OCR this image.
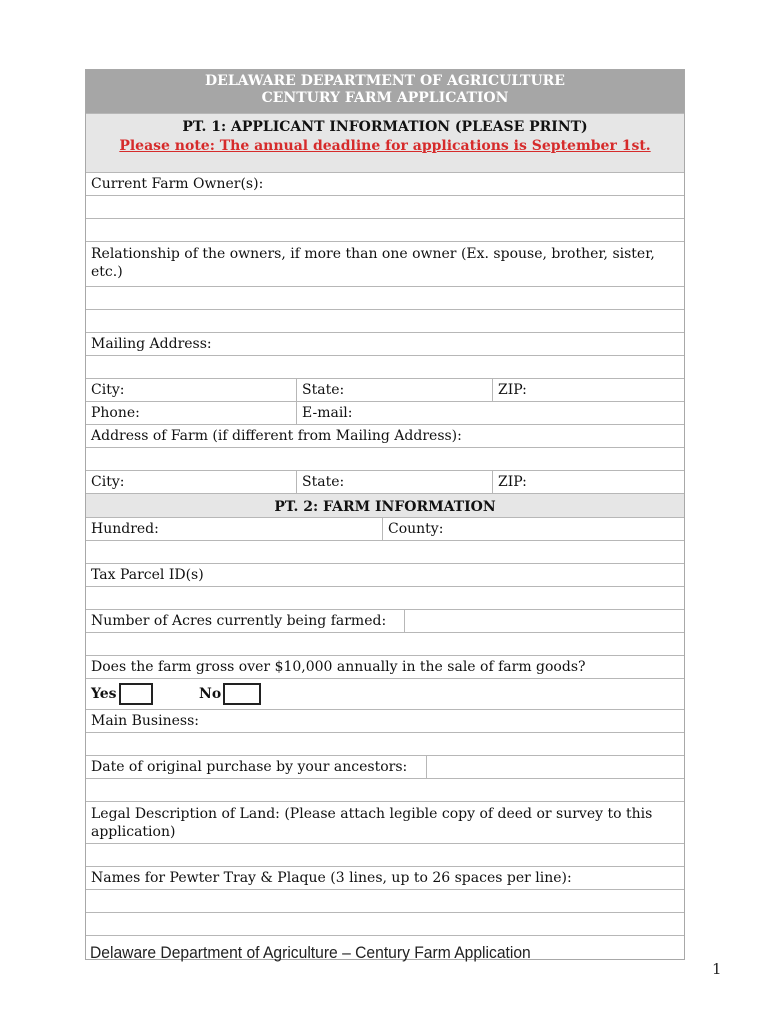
DELAWARE DEPARTMENT OF AGRICULTURE
CENTURY FARM APPLICATION
PT. 1: APPLICANT INFORMATION (PLEASE PRINT)
Please note: The annual deadline for applications is September 1st.
Current Farm Owner(s):
Relationship of the owners, if more than one owner (Ex. spouse, brother, sister, etc.)
Mailing Address:
City:	State:	ZIP:
Phone:	E-mail:
Address of Farm (if different from Mailing Address):
City:	State:	ZIP:
PT. 2: FARM INFORMATION
Hundred:	County:
Tax Parcel ID(s)
Number of Acres currently being farmed:
Does the farm gross over $10,000 annually in the sale of farm goods?
Yes	No
Main Business:
Date of original purchase by your ancestors:
Legal Description of Land: (Please attach legible copy of deed or survey to this application)
Names for Pewter Tray & Plaque (3 lines, up to 26 spaces per line):
Delaware Department of Agriculture – Century Farm Application
1
